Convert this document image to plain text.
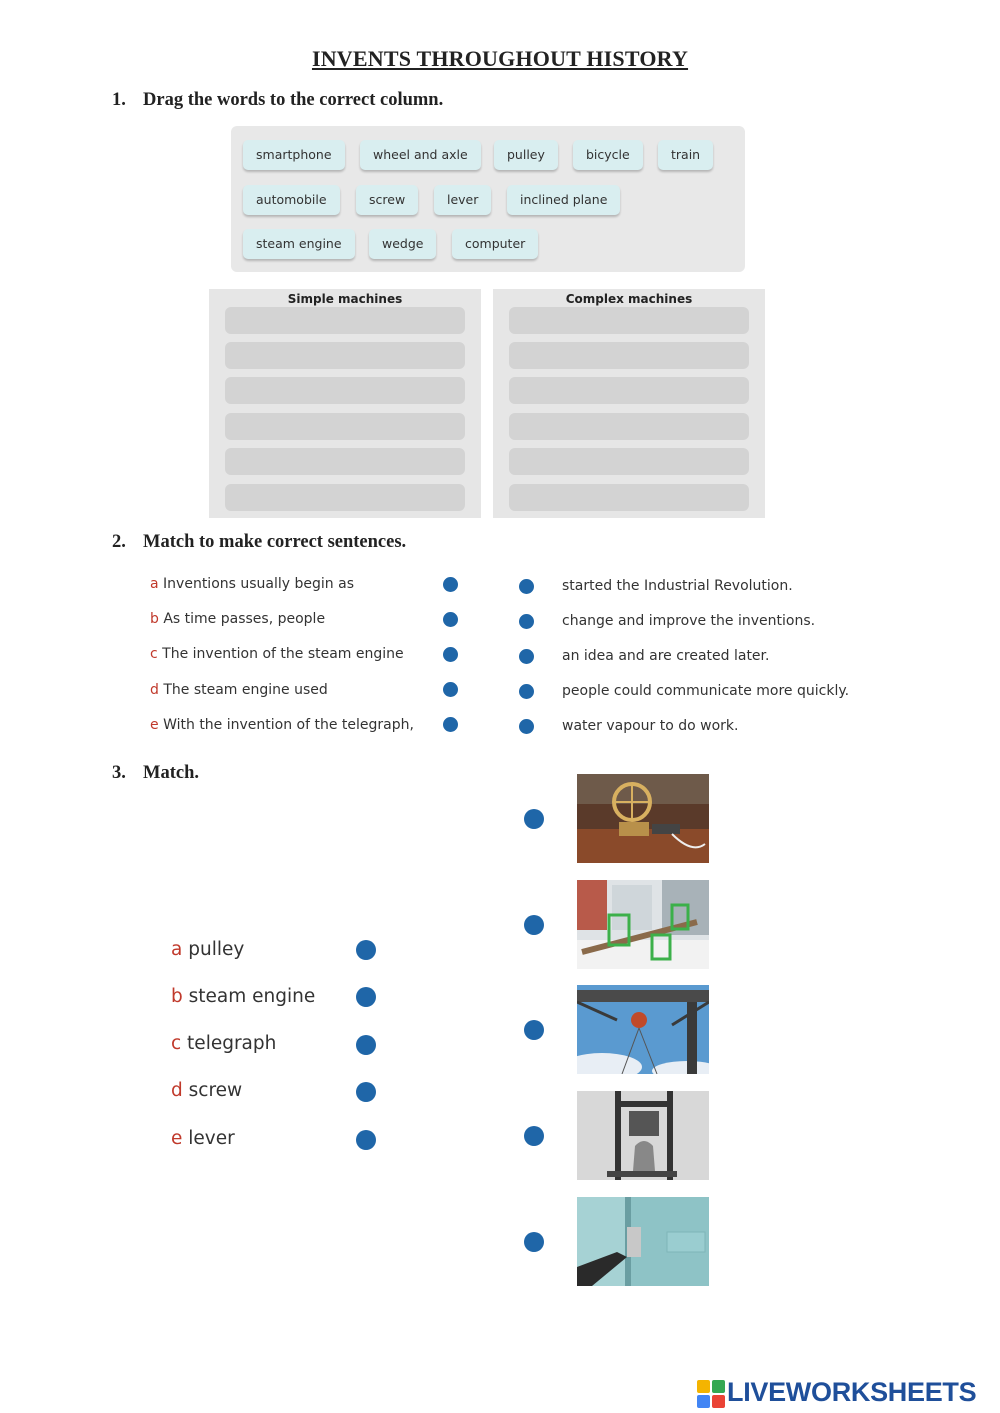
INVENTS THROUGHOUT HISTORY
1. Drag the words to the correct column.
smartphone	wheel and axle	pulley	bicycle	train
automobile	screw	lever	inclined plane
steam engine	wedge	computer
Simple machines	Complex machines
2. Match to make correct sentences.
a Inventions usually begin as
b As time passes, people
c The invention of the steam engine
d The steam engine used
e With the invention of the telegraph,
started the Industrial Revolution.
change and improve the inventions.
an idea and are created later.
people could communicate more quickly.
water vapour to do work.
3. Match.
a pulley
b steam engine
c telegraph
d screw
e lever
LIVEWORKSHEETS
